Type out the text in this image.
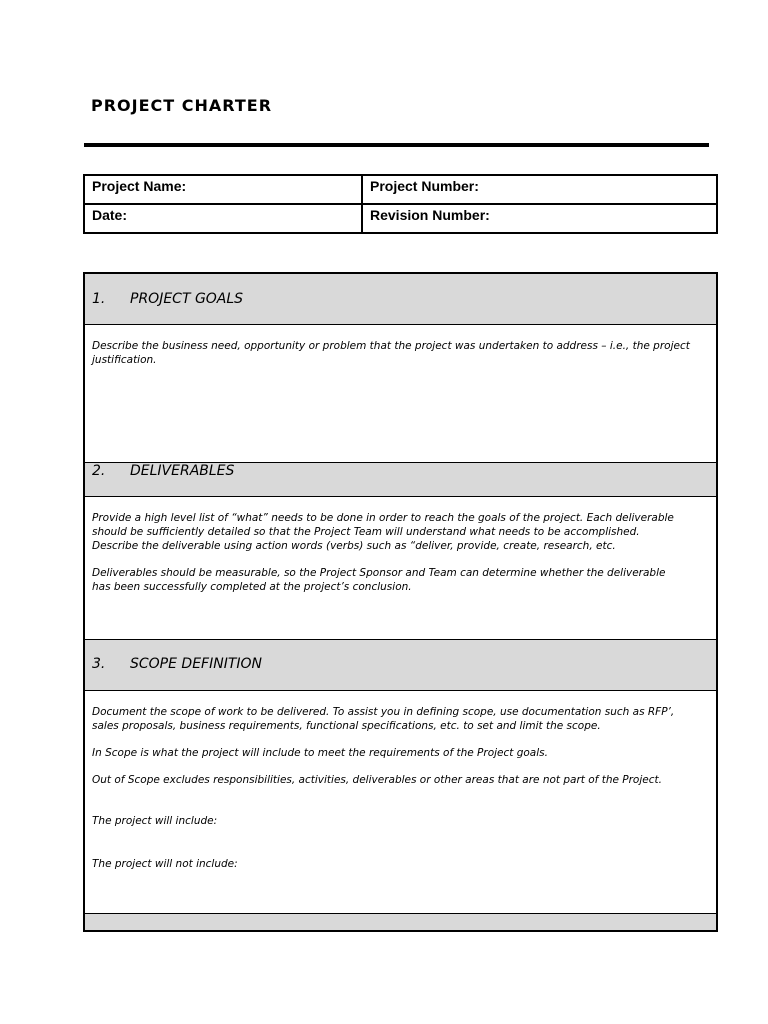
PROJECT CHARTER
Project Name:	Project Number:
Date:	Revision Number:
1. PROJECT GOALS

Describe the business need, opportunity or problem that the project was undertaken to address – i.e., the project

justification.

2. DELIVERABLES

Provide a high level list of “what” needs to be done in order to reach the goals of the project. Each deliverable

should be sufficiently detailed so that the Project Team will understand what needs to be accomplished.

Describe the deliverable using action words (verbs) such as “deliver, provide, create, research, etc.

Deliverables should be measurable, so the Project Sponsor and Team can determine whether the deliverable

has been successfully completed at the project’s conclusion.

3. SCOPE DEFINITION

Document the scope of work to be delivered. To assist you in defining scope, use documentation such as RFP’,

sales proposals, business requirements, functional specifications, etc. to set and limit the scope.

In Scope is what the project will include to meet the requirements of the Project goals.

Out of Scope excludes responsibilities, activities, deliverables or other areas that are not part of the Project.

The project will include:

The project will not include:
